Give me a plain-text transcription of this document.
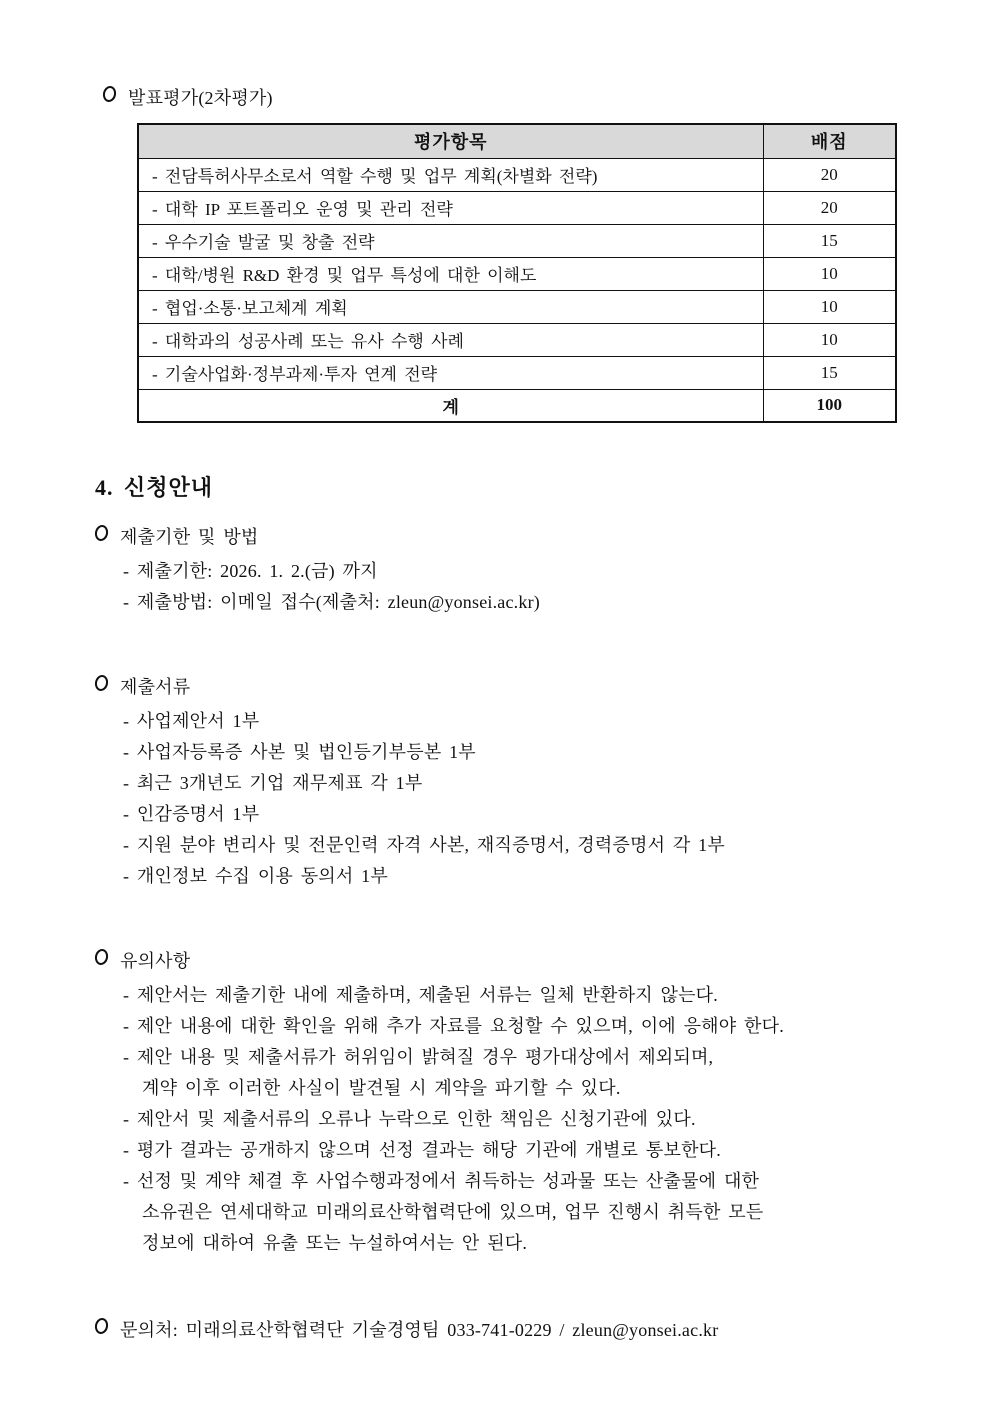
발표평가(2차평가)
평가항목	배점
- 전담특허사무소로서 역할 수행 및 업무 계획(차별화 전략)	20
- 대학 IP 포트폴리오 운영 및 관리 전략	20
- 우수기술 발굴 및 창출 전략	15
- 대학/병원 R&D 환경 및 업무 특성에 대한 이해도	10
- 협업·소통·보고체계 계획	10
- 대학과의 성공사례 또는 유사 수행 사례	10
- 기술사업화·정부과제·투자 연계 전략	15
계	100
4. 신청안내
제출기한 및 방법
- 제출기한: 2026. 1. 2.(금) 까지
- 제출방법: 이메일 접수(제출처: zleun@yonsei.ac.kr)
제출서류
- 사업제안서 1부
- 사업자등록증 사본 및 법인등기부등본 1부
- 최근 3개년도 기업 재무제표 각 1부
- 인감증명서 1부
- 지원 분야 변리사 및 전문인력 자격 사본, 재직증명서, 경력증명서 각 1부
- 개인정보 수집 이용 동의서 1부
유의사항
- 제안서는 제출기한 내에 제출하며, 제출된 서류는 일체 반환하지 않는다.
- 제안 내용에 대한 확인을 위해 추가 자료를 요청할 수 있으며, 이에 응해야 한다.
- 제안 내용 및 제출서류가 허위임이 밝혀질 경우 평가대상에서 제외되며,
계약 이후 이러한 사실이 발견될 시 계약을 파기할 수 있다.
- 제안서 및 제출서류의 오류나 누락으로 인한 책임은 신청기관에 있다.
- 평가 결과는 공개하지 않으며 선정 결과는 해당 기관에 개별로 통보한다.
- 선정 및 계약 체결 후 사업수행과정에서 취득하는 성과물 또는 산출물에 대한
소유권은 연세대학교 미래의료산학협력단에 있으며, 업무 진행시 취득한 모든
정보에 대하여 유출 또는 누설하여서는 안 된다.
문의처: 미래의료산학협력단 기술경영팀 033-741-0229 / zleun@yonsei.ac.kr
